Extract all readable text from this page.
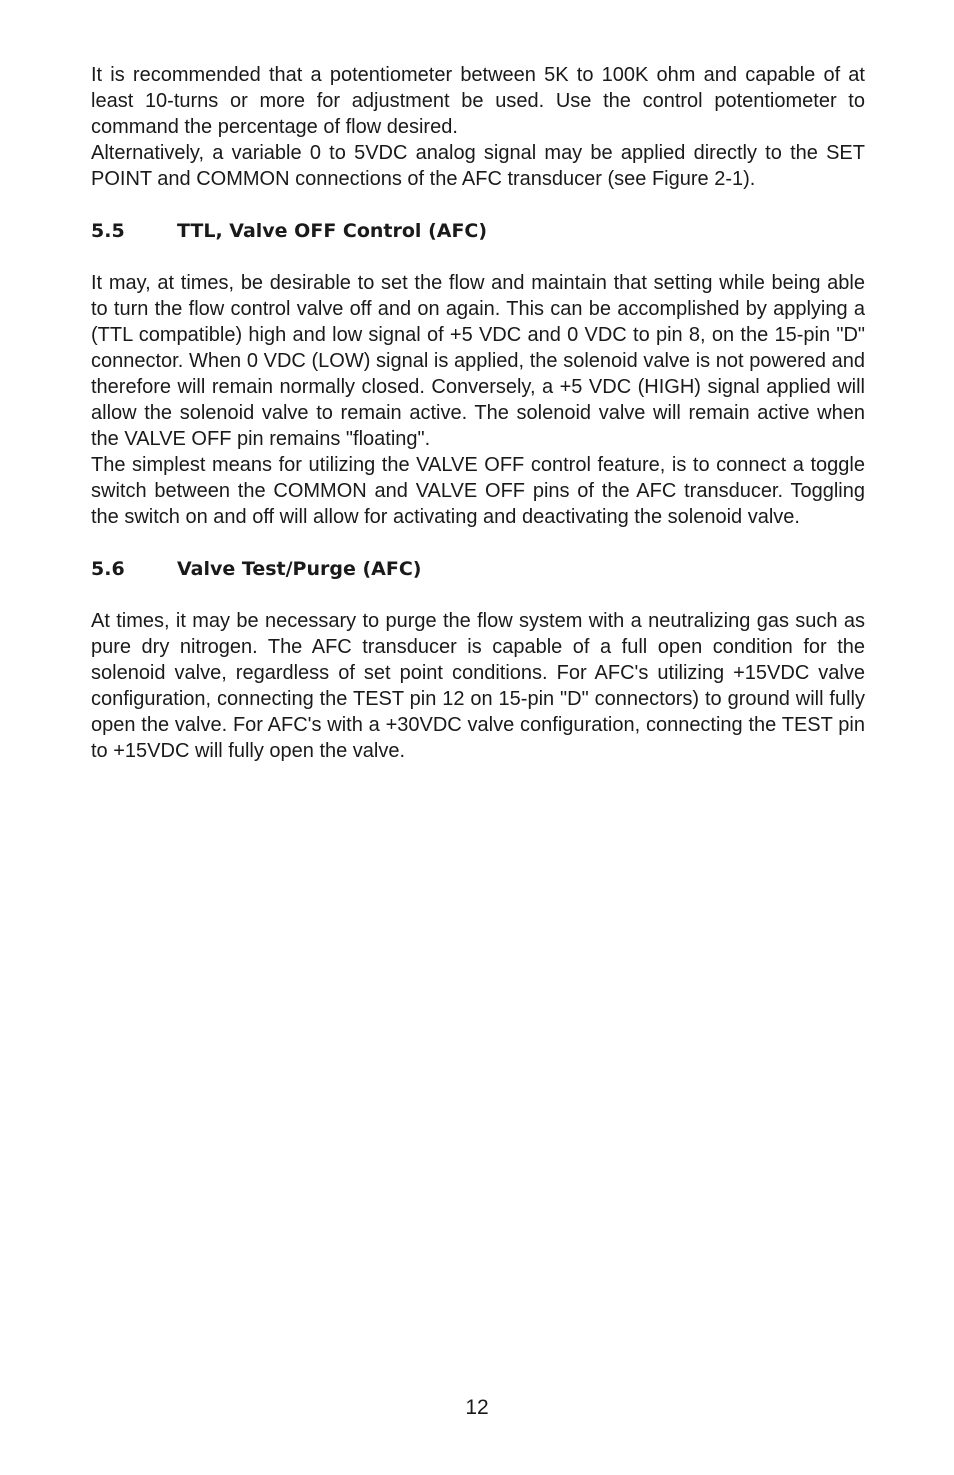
It is recommended that a potentiometer between 5K to 100K ohm and capable of at least 10-turns or more for adjustment be used. Use the control potentiometer to command the percentage of flow desired.

Alternatively, a variable 0 to 5VDC analog signal may be applied directly to the SET POINT and COMMON connections of the AFC transducer (see Figure 2-1).

5.5	TTL, Valve OFF Control (AFC)

It may, at times, be desirable to set the flow and maintain that setting while being able to turn the flow control valve off and on again. This can be accomplished by applying a (TTL compatible) high and low signal of +5 VDC and 0 VDC to pin 8, on the 15-pin "D" connector. When 0 VDC (LOW) signal is applied, the solenoid valve is not powered and therefore will remain normally closed. Conversely, a +5 VDC (HIGH) signal applied will allow the solenoid valve to remain active. The solenoid valve will remain active when the VALVE OFF pin remains "floating".

The simplest means for utilizing the VALVE OFF control feature, is to connect a toggle switch between the COMMON and VALVE OFF pins of the AFC transducer. Toggling the switch on and off will allow for activating and deactivating the solenoid valve.

5.6	Valve Test/Purge (AFC)

At times, it may be necessary to purge the flow system with a neutralizing gas such as pure dry nitrogen. The AFC transducer is capable of a full open condition for the solenoid valve, regardless of set point conditions. For AFC's utilizing +15VDC valve configuration, connecting the TEST pin 12 on 15-pin "D" connectors) to ground will fully open the valve. For AFC's with a +30VDC valve configuration, connecting the TEST pin to +15VDC will fully open the valve.

12
